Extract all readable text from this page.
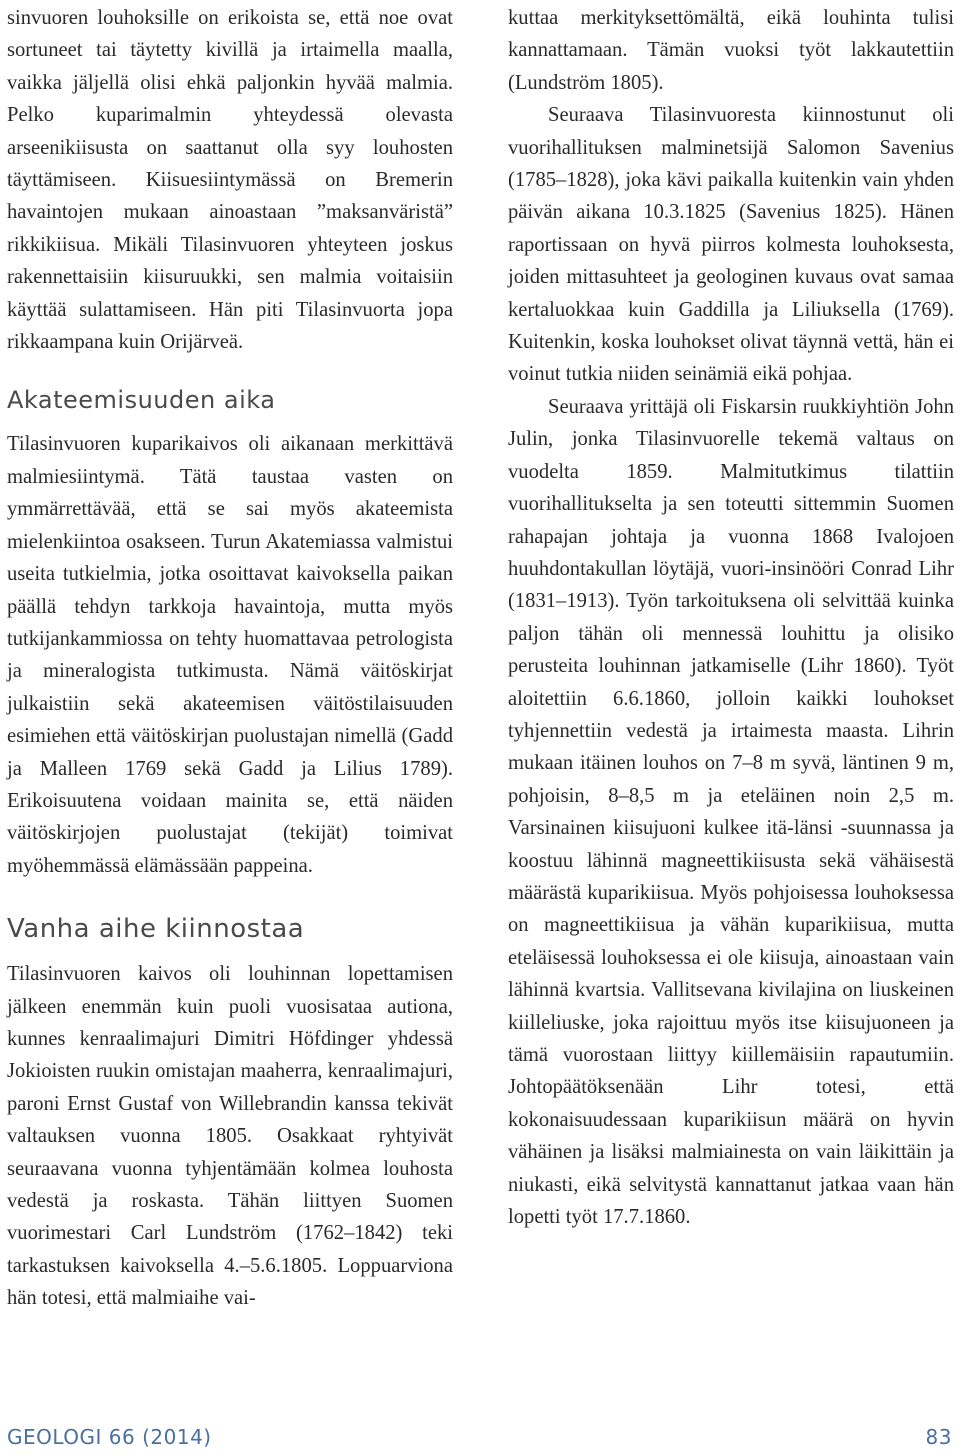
sinvuoren louhoksille on erikoista se, että noe ovat sortuneet tai täytetty kivillä ja irtaimella maalla, vaikka jäljellä olisi ehkä paljonkin hyvää malmia. Pelko kuparimalmin yhteydessä olevasta arseenikiisusta on saattanut olla syy louhosten täyttämiseen. Kiisuesiintymässä on Bremerin havaintojen mukaan ainoastaan ”maksanväristä” rikkikiisua. Mikäli Tilasinvuoren yhteyteen joskus rakennettaisiin kiisuruukki, sen malmia voitaisiin käyttää sulattamiseen. Hän piti Tilasinvuorta jopa rikkaampana kuin Orijärveä.

Akateemisuuden aika

Tilasinvuoren kuparikaivos oli aikanaan merkittävä malmiesiintymä. Tätä taustaa vasten on ymmärrettävää, että se sai myös akateemista mielenkiintoa osakseen. Turun Akatemiassa valmistui useita tutkielmia, jotka osoittavat kaivoksella paikan päällä tehdyn tarkkoja havaintoja, mutta myös tutkijankammiossa on tehty huomattavaa petrologista ja mineralogista tutkimusta. Nämä väitöskirjat julkaistiin sekä akateemisen väitöstilaisuuden esimiehen että väitöskirjan puolustajan nimellä (Gadd ja Malleen 1769 sekä Gadd ja Lilius 1789). Erikoisuutena voidaan mainita se, että näiden väitöskirjojen puolustajat (tekijät) toimivat myöhemmässä elämässään pappeina.

Vanha aihe kiinnostaa

Tilasinvuoren kaivos oli louhinnan lopettamisen jälkeen enemmän kuin puoli vuosisataa autiona, kunnes kenraalimajuri Dimitri Höfdinger yhdessä Jokioisten ruukin omistajan maaherra, kenraalimajuri, paroni Ernst Gustaf von Willebrandin kanssa tekivät valtauksen vuonna 1805. Osakkaat ryhtyivät seuraavana vuonna tyhjentämään kolmea louhosta vedestä ja roskasta. Tähän liittyen Suomen vuorimestari Carl Lundström (1762–1842) teki tarkastuksen kaivoksella 4.–5.6.1805. Loppuarviona hän totesi, että malmiaihe vai-

kuttaa merkityksettömältä, eikä louhinta tulisi kannattamaan. Tämän vuoksi työt lakkautettiin (Lundström 1805).

Seuraava Tilasinvuoresta kiinnostunut oli vuorihallituksen malminetsijä Salomon Savenius (1785–1828), joka kävi paikalla kuitenkin vain yhden päivän aikana 10.3.1825 (Savenius 1825). Hänen raportissaan on hyvä piirros kolmesta louhoksesta, joiden mittasuhteet ja geologinen kuvaus ovat samaa kertaluokkaa kuin Gaddilla ja Liliuksella (1769). Kuitenkin, koska louhokset olivat täynnä vettä, hän ei voinut tutkia niiden seinämiä eikä pohjaa.

Seuraava yrittäjä oli Fiskarsin ruukkiyhtiön John Julin, jonka Tilasinvuorelle tekemä valtaus on vuodelta 1859. Malmitutkimus tilattiin vuorihallitukselta ja sen toteutti sittemmin Suomen rahapajan johtaja ja vuonna 1868 Ivalojoen huuhdontakullan löytäjä, vuori-insinööri Conrad Lihr (1831–1913). Työn tarkoituksena oli selvittää kuinka paljon tähän oli mennessä louhittu ja olisiko perusteita louhinnan jatkamiselle (Lihr 1860). Työt aloitettiin 6.6.1860, jolloin kaikki louhokset tyhjennettiin vedestä ja irtaimesta maasta. Lihrin mukaan itäinen louhos on 7–8 m syvä, läntinen 9 m, pohjoisin, 8–8,5 m ja eteläinen noin 2,5 m. Varsinainen kiisujuoni kulkee itä-länsi -suunnassa ja koostuu lähinnä magneettikiisusta sekä vähäisestä määrästä kuparikiisua. Myös pohjoisessa louhoksessa on magneettikiisua ja vähän kuparikiisua, mutta eteläisessä louhoksessa ei ole kiisuja, ainoastaan vain lähinnä kvartsia. Vallitsevana kivilajina on liuskeinen kiilleliuske, joka rajoittuu myös itse kiisujuoneen ja tämä vuorostaan liittyy kiillemäisiin rapautumiin. Johtopäätöksenään Lihr totesi, että kokonaisuudessaan kuparikiisun määrä on hyvin vähäinen ja lisäksi malmiainesta on vain läikittäin ja niukasti, eikä selvitystä kannattanut jatkaa vaan hän lopetti työt 17.7.1860.

GEOLOGI 66 (2014)	83
